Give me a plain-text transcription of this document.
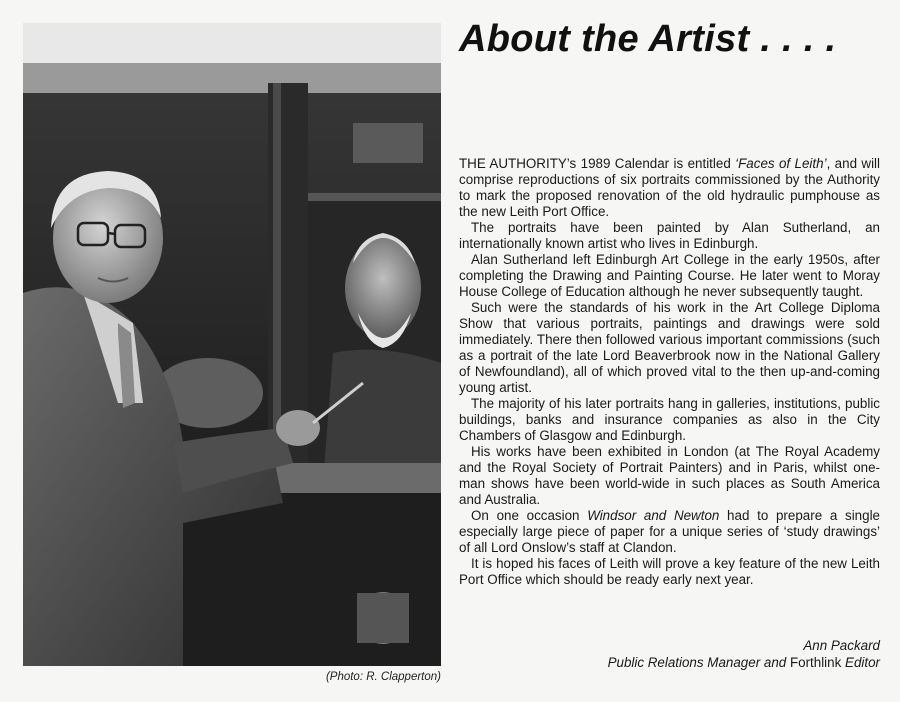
(Photo: R. Clapperton)
About the Artist . . . .

THE AUTHORITY’s 1989 Calendar is entitled ‘Faces of Leith’, and will comprise reproductions of six portraits commissioned by the Authority to mark the proposed renovation of the old hydraulic pumphouse as the new Leith Port Office.

The portraits have been painted by Alan Sutherland, an internationally known artist who lives in Edinburgh.

Alan Sutherland left Edinburgh Art College in the early 1950s, after completing the Drawing and Painting Course. He later went to Moray House College of Education although he never subsequently taught.

Such were the standards of his work in the Art College Diploma Show that various portraits, paintings and drawings were sold immediately. There then followed various important commissions (such as a portrait of the late Lord Beaverbrook now in the National Gallery of Newfoundland), all of which proved vital to the then up-and-coming young artist.

The majority of his later portraits hang in galleries, institutions, public buildings, banks and insurance companies as also in the City Chambers of Glasgow and Edinburgh.

His works have been exhibited in London (at The Royal Academy and the Royal Society of Portrait Painters) and in Paris, whilst one-man shows have been world-wide in such places as South America and Australia.

On one occasion Windsor and Newton had to prepare a single especially large piece of paper for a unique series of ‘study drawings’ of all Lord Onslow’s staff at Clandon.

It is hoped his faces of Leith will prove a key feature of the new Leith Port Office which should be ready early next year.

Ann Packard
Public Relations Manager and Forthlink Editor
